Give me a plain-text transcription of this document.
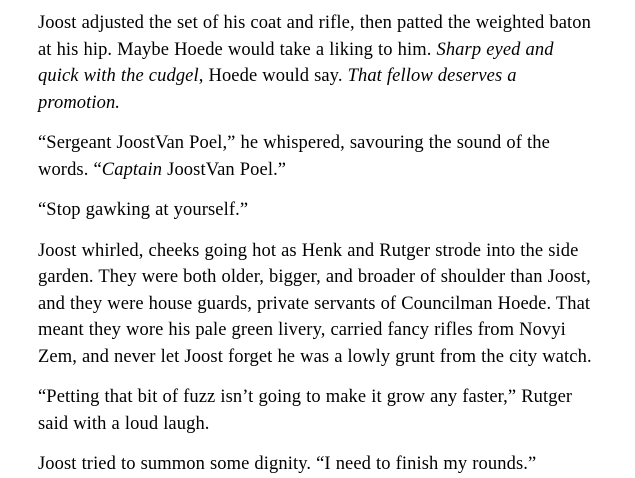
Joost adjusted the set of his coat and rifle, then patted the weighted baton at his hip. Maybe Hoede would take a liking to him. Sharp eyed and quick with the cudgel, Hoede would say. That fellow deserves a promotion.

“Sergeant JoostVan Poel,” he whispered, savouring the sound of the words. “Captain JoostVan Poel.”

“Stop gawking at yourself.”

Joost whirled, cheeks going hot as Henk and Rutger strode into the side garden. They were both older, bigger, and broader of shoulder than Joost, and they were house guards, private servants of Councilman Hoede. That meant they wore his pale green livery, carried fancy rifles from Novyi Zem, and never let Joost forget he was a lowly grunt from the city watch.

“Petting that bit of fuzz isn’t going to make it grow any faster,” Rutger said with a loud laugh.

Joost tried to summon some dignity. “I need to finish my rounds.”
